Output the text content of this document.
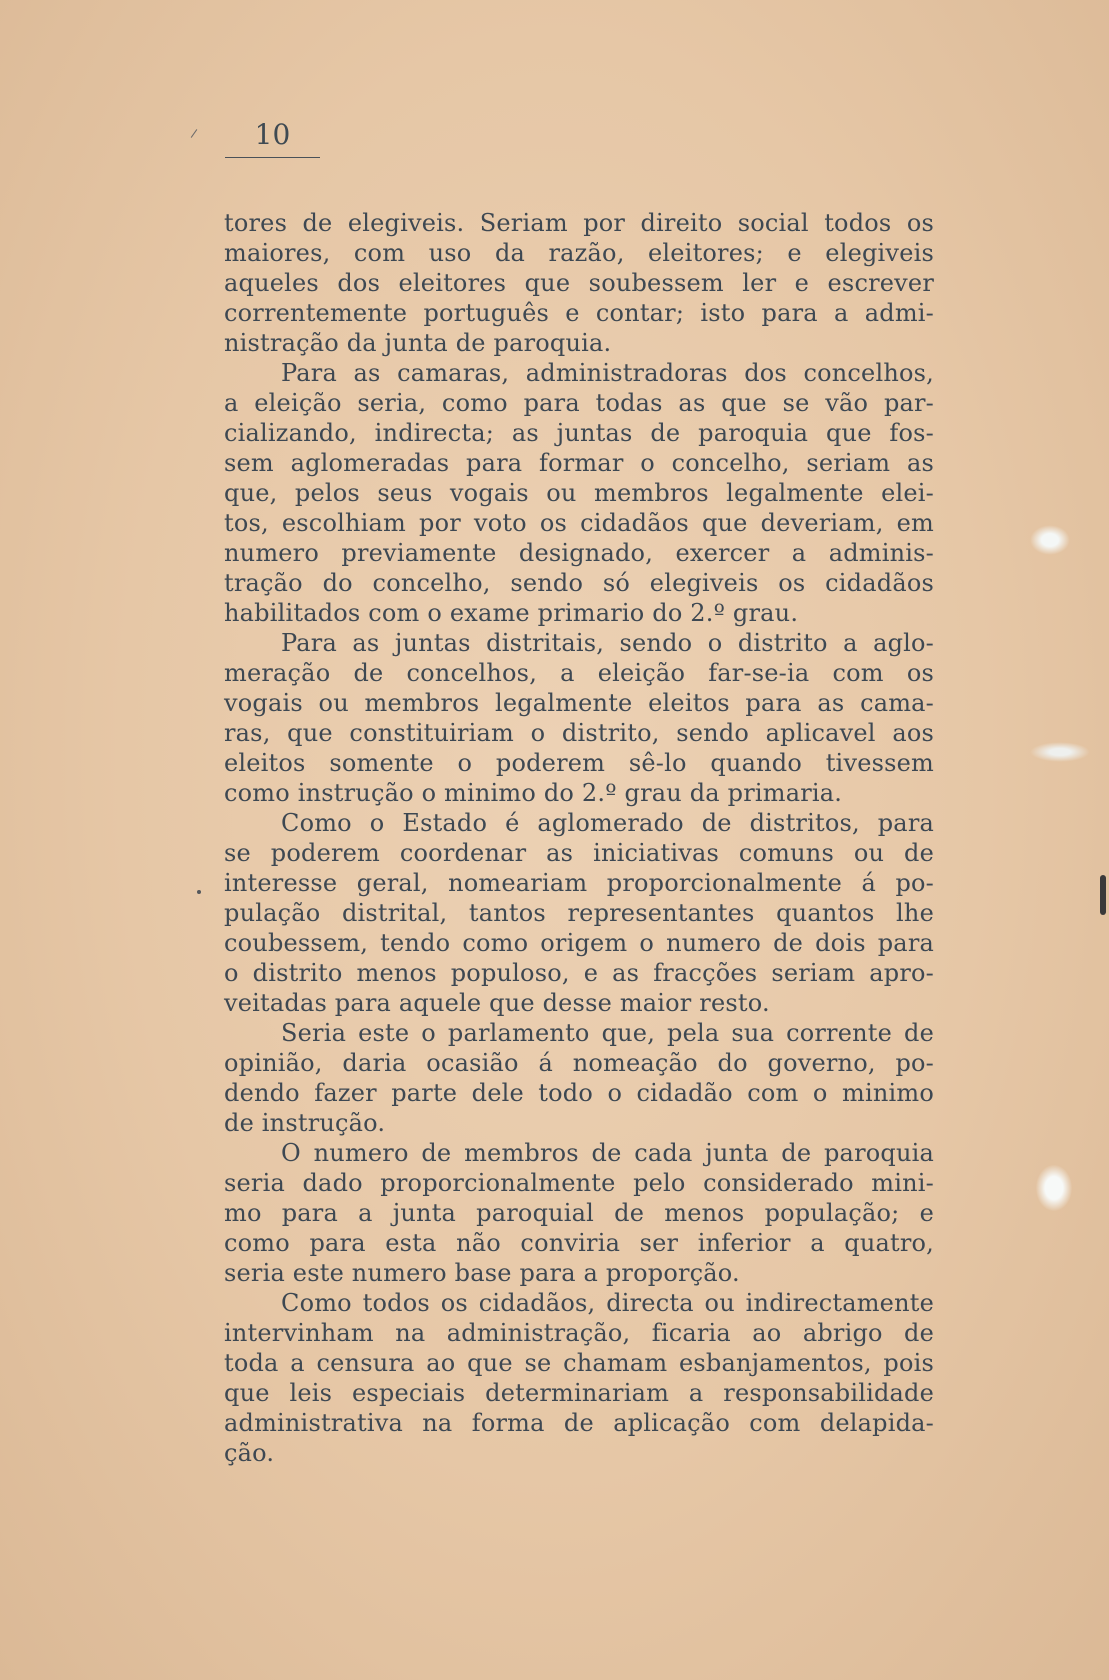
10
tores de elegiveis. Seriam por direito social todos os
maiores, com uso da razão, eleitores; e elegiveis
aqueles dos eleitores que soubessem ler e escrever
correntemente português e contar; isto para a admi-
nistração da junta de paroquia.
Para as camaras, administradoras dos concelhos,
a eleição seria, como para todas as que se vão par-
cializando, indirecta; as juntas de paroquia que fos-
sem aglomeradas para formar o concelho, seriam as
que, pelos seus vogais ou membros legalmente elei-
tos, escolhiam por voto os cidadãos que deveriam, em
numero previamente designado, exercer a adminis-
tração do concelho, sendo só elegiveis os cidadãos
habilitados com o exame primario do 2.º grau.
Para as juntas distritais, sendo o distrito a aglo-
meração de concelhos, a eleição far-se-ia com os
vogais ou membros legalmente eleitos para as cama-
ras, que constituiriam o distrito, sendo aplicavel aos
eleitos somente o poderem sê-lo quando tivessem
como instrução o minimo do 2.º grau da primaria.
Como o Estado é aglomerado de distritos, para
se poderem coordenar as iniciativas comuns ou de
interesse geral, nomeariam proporcionalmente á po-
pulação distrital, tantos representantes quantos lhe
coubessem, tendo como origem o numero de dois para
o distrito menos populoso, e as fracções seriam apro-
veitadas para aquele que desse maior resto.
Seria este o parlamento que, pela sua corrente de
opinião, daria ocasião á nomeação do governo, po-
dendo fazer parte dele todo o cidadão com o minimo
de instrução.
O numero de membros de cada junta de paroquia
seria dado proporcionalmente pelo considerado mini-
mo para a junta paroquial de menos população; e
como para esta não conviria ser inferior a quatro,
seria este numero base para a proporção.
Como todos os cidadãos, directa ou indirectamente
intervinham na administração, ficaria ao abrigo de
toda a censura ao que se chamam esbanjamentos, pois
que leis especiais determinariam a responsabilidade
administrativa na forma de aplicação com delapida-
ção.
